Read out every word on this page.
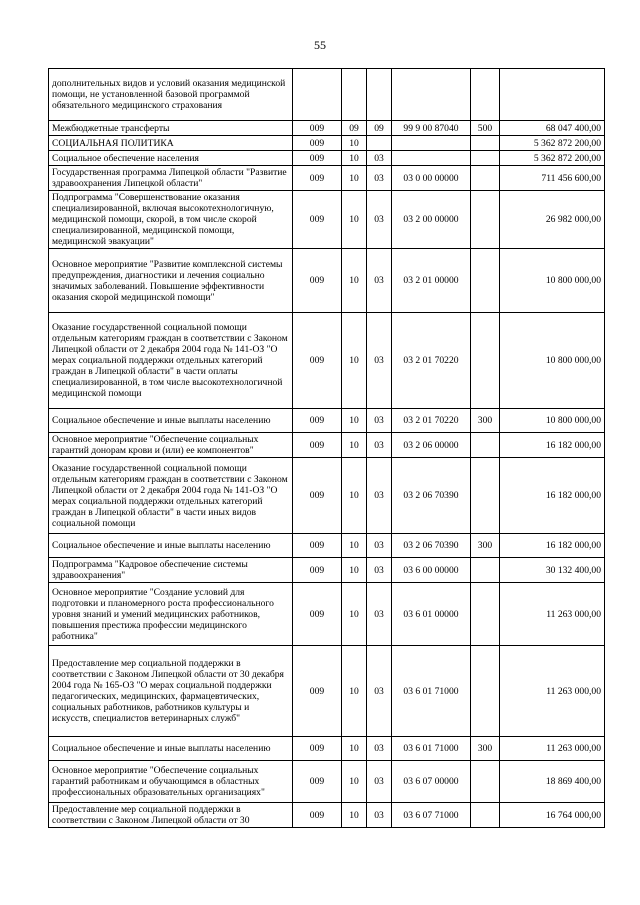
55
дополнительных видов и условий оказания медицинской помощи, не установленной базовой программой обязательного медицинского страхования						
Межбюджетные трансферты	009	09	09	99 9 00 87040	500	68 047 400,00
СОЦИАЛЬНАЯ ПОЛИТИКА	009	10				5 362 872 200,00
Социальное обеспечение населения	009	10	03			5 362 872 200,00
Государственная программа Липецкой области "Развитие здравоохранения Липецкой области"	009	10	03	03 0 00 00000		711 456 600,00
Подпрограмма "Совершенствование оказания специализированной, включая высокотехнологичную, медицинской помощи, скорой, в том числе скорой специализированной, медицинской помощи, медицинской эвакуации"	009	10	03	03 2 00 00000		26 982 000,00
Основное мероприятие "Развитие комплексной системы предупреждения, диагностики и лечения социально значимых заболеваний. Повышение эффективности оказания скорой медицинской помощи"	009	10	03	03 2 01 00000		10 800 000,00
Оказание государственной социальной помощи отдельным категориям граждан в соответствии с Законом Липецкой области от 2 декабря 2004 года № 141-ОЗ "О мерах социальной поддержки отдельных категорий граждан в Липецкой области" в части оплаты специализированной, в том числе высокотехнологичной медицинской помощи	009	10	03	03 2 01 70220		10 800 000,00
Социальное обеспечение и иные выплаты населению	009	10	03	03 2 01 70220	300	10 800 000,00
Основное мероприятие "Обеспечение социальных гарантий донорам крови и (или) ее компонентов"	009	10	03	03 2 06 00000		16 182 000,00
Оказание государственной социальной помощи отдельным категориям граждан в соответствии с Законом Липецкой области от 2 декабря 2004 года № 141-ОЗ "О мерах социальной поддержки отдельных категорий граждан в Липецкой области" в части иных видов социальной помощи	009	10	03	03 2 06 70390		16 182 000,00
Социальное обеспечение и иные выплаты населению	009	10	03	03 2 06 70390	300	16 182 000,00
Подпрограмма "Кадровое обеспечение системы здравоохранения"	009	10	03	03 6 00 00000		30 132 400,00
Основное мероприятие "Создание условий для подготовки и планомерного роста профессионального уровня знаний и умений медицинских работников, повышения престижа профессии медицинского работника"	009	10	03	03 6 01 00000		11 263 000,00
Предоставление мер социальной поддержки в соответствии с Законом Липецкой области от 30 декабря 2004 года № 165-ОЗ "О мерах социальной поддержки педагогических, медицинских, фармацевтических, социальных работников, работников культуры и искусств, специалистов ветеринарных служб"	009	10	03	03 6 01 71000		11 263 000,00
Социальное обеспечение и иные выплаты населению	009	10	03	03 6 01 71000	300	11 263 000,00
Основное мероприятие "Обеспечение социальных гарантий работникам и обучающимся в областных профессиональных образовательных организациях"	009	10	03	03 6 07 00000		18 869 400,00
Предоставление мер социальной поддержки в соответствии с Законом Липецкой области от 30	009	10	03	03 6 07 71000		16 764 000,00
